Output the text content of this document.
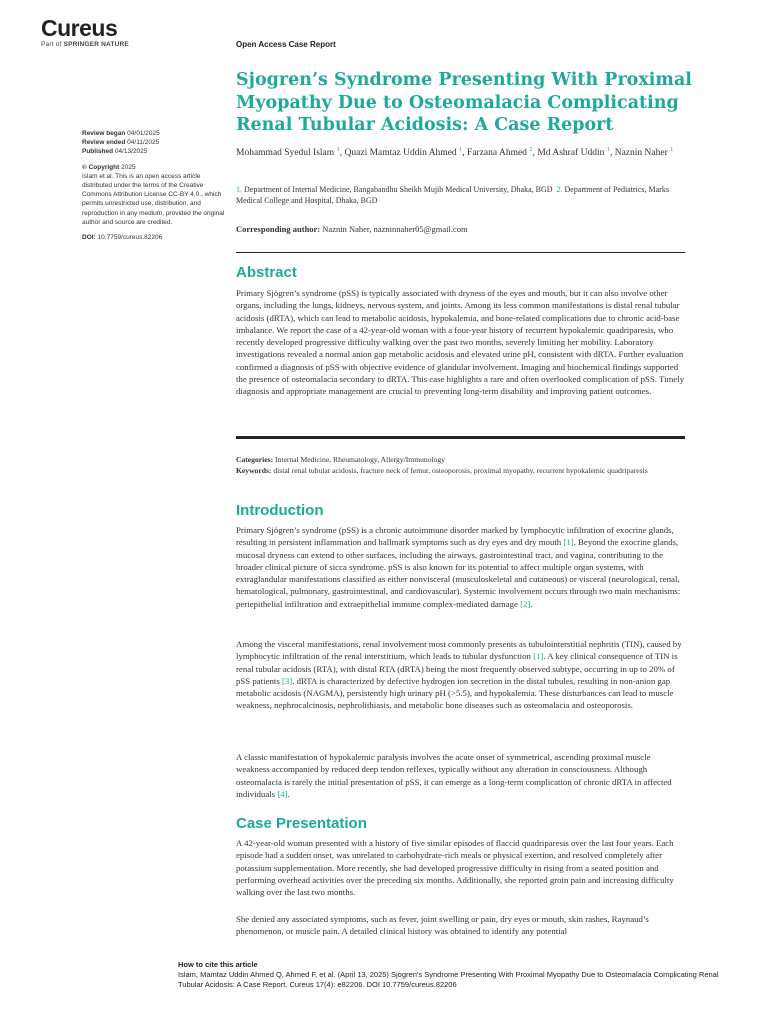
Cureus
Part of SPRINGER NATURE	Open Access Case Report
Sjogren’s Syndrome Presenting With Proximal Myopathy Due to Osteomalacia Complicating Renal Tubular Acidosis: A Case Report
Mohammad Syedul Islam $^1$, Quazi Mamtaz Uddin Ahmed $^1$, Farzana Ahmed $^2$, Md Ashraf Uddin $^1$, Naznin Naher $^1$
1. Department of Internal Medicine, Bangabandhu Sheikh Mujib Medical University, Dhaka, BGD 2. Department of Pediatrics, Marks Medical College and Hospital, Dhaka, BGD
Corresponding author: Naznin Naher, nazninnaher05@gmail.com
Review began 04/01/2025
Review ended 04/11/2025
Published 04/13/2025
© Copyright 2025
Islam et al. This is an open access article distributed under the terms of the Creative Commons Attribution License CC-BY 4.0., which permits unrestricted use, distribution, and reproduction in any medium, provided the original author and source are credited.
DOI: 10.7759/cureus.82206
Abstract

Primary Sjögren’s syndrome (pSS) is typically associated with dryness of the eyes and mouth, but it can also involve other organs, including the lungs, kidneys, nervous system, and joints. Among its less common manifestations is distal renal tubular acidosis (dRTA), which can lead to metabolic acidosis, hypokalemia, and bone-related complications due to chronic acid-base imbalance. We report the case of a 42-year-old woman with a four-year history of recurrent hypokalemic quadriparesis, who recently developed progressive difficulty walking over the past two months, severely limiting her mobility. Laboratory investigations revealed a normal anion gap metabolic acidosis and elevated urine pH, consistent with dRTA. Further evaluation confirmed a diagnosis of pSS with objective evidence of glandular involvement. Imaging and biochemical findings supported the presence of osteomalacia secondary to dRTA. This case highlights a rare and often overlooked complication of pSS. Timely diagnosis and appropriate management are crucial to preventing long-term disability and improving patient outcomes.

Categories: Internal Medicine, Rheumatology, Allergy/Immunology
Keywords: distal renal tubular acidosis, fracture neck of femur, osteoporosis, proximal myopathy, recurrent hypokalemic quadriparesis
Introduction

Primary Sjögren’s syndrome (pSS) is a chronic autoimmune disorder marked by lymphocytic infiltration of exocrine glands, resulting in persistent inflammation and hallmark symptoms such as dry eyes and dry mouth [1]. Beyond the exocrine glands, mucosal dryness can extend to other surfaces, including the airways, gastrointestinal tract, and vagina, contributing to the broader clinical picture of sicca syndrome. pSS is also known for its potential to affect multiple organ systems, with extraglandular manifestations classified as either nonvisceral (musculoskeletal and cutaneous) or visceral (neurological, renal, hematological, pulmonary, gastrointestinal, and cardiovascular). Systemic involvement occurs through two main mechanisms: periepithelial infiltration and extraepithelial immune complex-mediated damage [2].

Among the visceral manifestations, renal involvement most commonly presents as tubulointerstitial nephritis (TIN), caused by lymphocytic infiltration of the renal interstitium, which leads to tubular dysfunction [1]. A key clinical consequence of TIN is renal tubular acidosis (RTA), with distal RTA (dRTA) being the most frequently observed subtype, occurring in up to 20% of pSS patients [3]. dRTA is characterized by defective hydrogen ion secretion in the distal tubules, resulting in non-anion gap metabolic acidosis (NAGMA), persistently high urinary pH (>5.5), and hypokalemia. These disturbances can lead to muscle weakness, nephrocalcinosis, nephrolithiasis, and metabolic bone diseases such as osteomalacia and osteoporosis.

A classic manifestation of hypokalemic paralysis involves the acute onset of symmetrical, ascending proximal muscle weakness accompanied by reduced deep tendon reflexes, typically without any alteration in consciousness. Although osteomalacia is rarely the initial presentation of pSS, it can emerge as a long-term complication of chronic dRTA in affected individuals [4].

Case Presentation

A 42-year-old woman presented with a history of five similar episodes of flaccid quadriparesis over the last four years. Each episode had a sudden onset, was unrelated to carbohydrate-rich meals or physical exertion, and resolved completely after potassium supplementation. More recently, she had developed progressive difficulty in rising from a seated position and performing overhead activities over the preceding six months. Additionally, she reported groin pain and increasing difficulty walking over the last two months.

She denied any associated symptoms, such as fever, joint swelling or pain, dry eyes or mouth, skin rashes, Raynaud’s phenomenon, or muscle pain. A detailed clinical history was obtained to identify any potential

How to cite this article
Islam, Mamtaz Uddin Ahmed Q, Ahmed F, et al. (April 13, 2025) Sjogren’s Syndrome Presenting With Proximal Myopathy Due to Osteomalacia Complicating Renal Tubular Acidosis: A Case Report. Cureus 17(4): e82206. DOI 10.7759/cureus.82206
